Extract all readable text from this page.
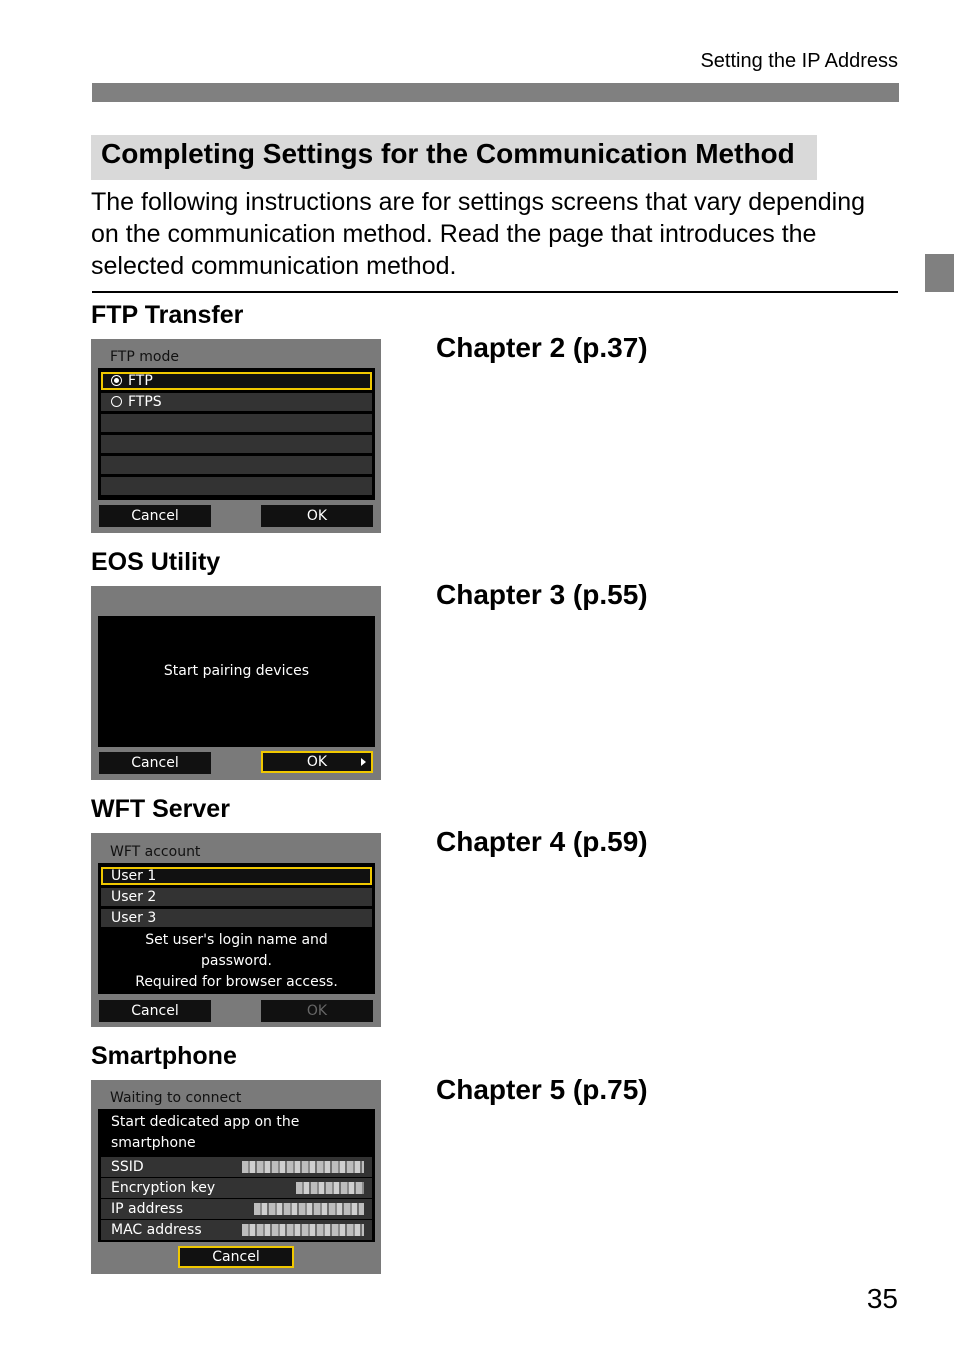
Setting the IP Address
Completing Settings for the Communication Method

The following instructions are for settings screens that vary depending on the communication method. Read the page that introduces the selected communication method.

FTP Transfer
Chapter 2 (p.37)
FTP mode
FTP
FTPS
Cancel	OK
EOS Utility
Chapter 3 (p.55)
Start pairing devices
Cancel	OK
WFT Server
Chapter 4 (p.59)
WFT account
User 1
User 2
User 3
Set user's login name and
password.
Required for browser access.
Cancel	OK
Smartphone
Chapter 5 (p.75)
Waiting to connect
Start dedicated app on the
smartphone
SSID
Encryption key
IP address
MAC address
Cancel
35
